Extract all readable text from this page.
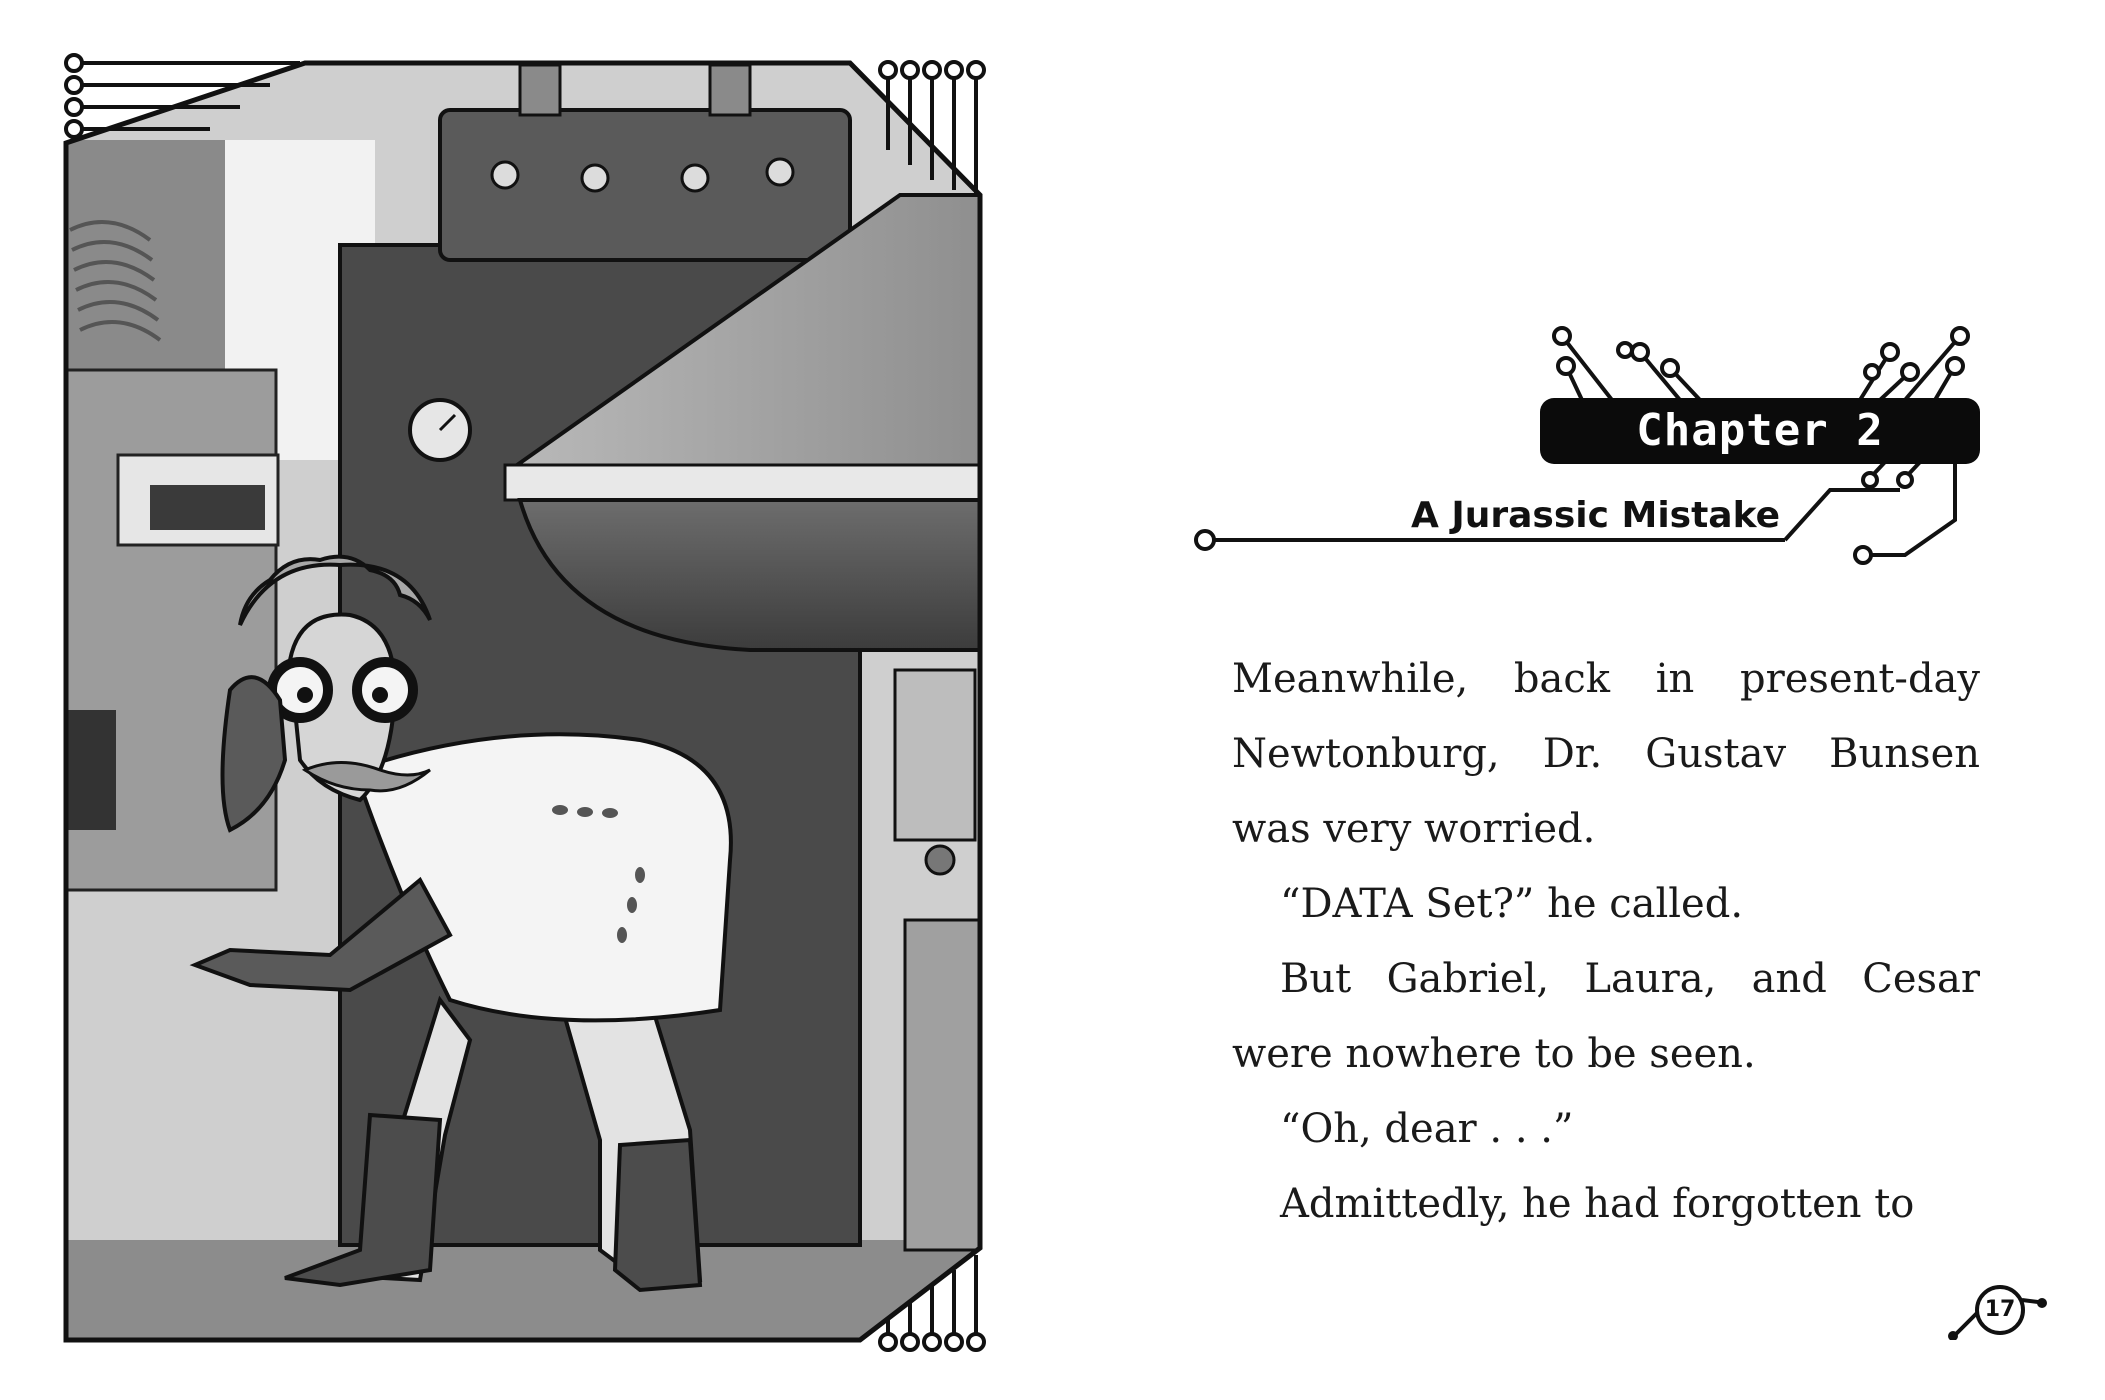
Chapter 2
A Jurassic Mistake

Meanwhile, back in present-day Newtonburg, Dr. Gustav Bunsen was very worried.

“DATA Set?” he called.

But Gabriel, Laura, and Cesar were nowhere to be seen.

“Oh, dear . . .”

Admittedly, he had forgotten to

17
